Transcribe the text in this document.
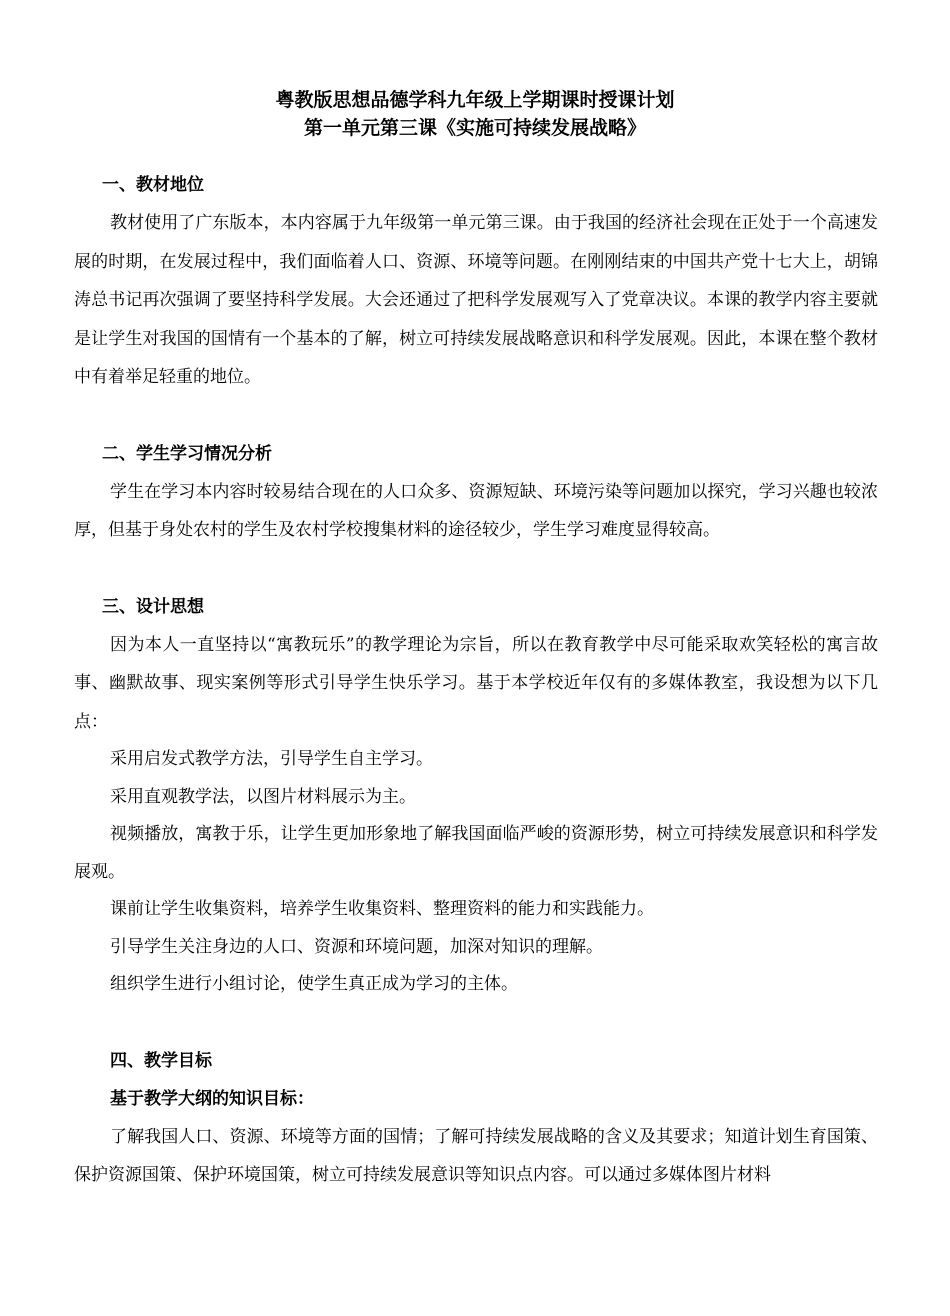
粤教版思想品德学科九年级上学期课时授课计划
第一单元第三课《实施可持续发展战略》
一、教材地位

教材使用了广东版本，本内容属于九年级第一单元第三课。由于我国的经济社会现在正处于一个高速发展的时期，在发展过程中，我们面临着人口、资源、环境等问题。在刚刚结束的中国共产党十七大上，胡锦涛总书记再次强调了要坚持科学发展。大会还通过了把科学发展观写入了党章决议。本课的教学内容主要就是让学生对我国的国情有一个基本的了解，树立可持续发展战略意识和科学发展观。因此，本课在整个教材中有着举足轻重的地位。

二、学生学习情况分析

学生在学习本内容时较易结合现在的人口众多、资源短缺、环境污染等问题加以探究，学习兴趣也较浓厚，但基于身处农村的学生及农村学校搜集材料的途径较少，学生学习难度显得较高。

三、设计思想

因为本人一直坚持以“寓教玩乐”的教学理论为宗旨，所以在教育教学中尽可能采取欢笑轻松的寓言故事、幽默故事、现实案例等形式引导学生快乐学习。基于本学校近年仅有的多媒体教室，我设想为以下几点：

采用启发式教学方法，引导学生自主学习。

采用直观教学法，以图片材料展示为主。

视频播放，寓教于乐，让学生更加形象地了解我国面临严峻的资源形势，树立可持续发展意识和科学发展观。

课前让学生收集资料，培养学生收集资料、整理资料的能力和实践能力。

引导学生关注身边的人口、资源和环境问题，加深对知识的理解。

组织学生进行小组讨论，使学生真正成为学习的主体。

四、教学目标
基于教学大纲的知识目标：

了解我国人口、资源、环境等方面的国情；了解可持续发展战略的含义及其要求；知道计划生育国策、保护资源国策、保护环境国策，树立可持续发展意识等知识点内容。可以通过多媒体图片材料
